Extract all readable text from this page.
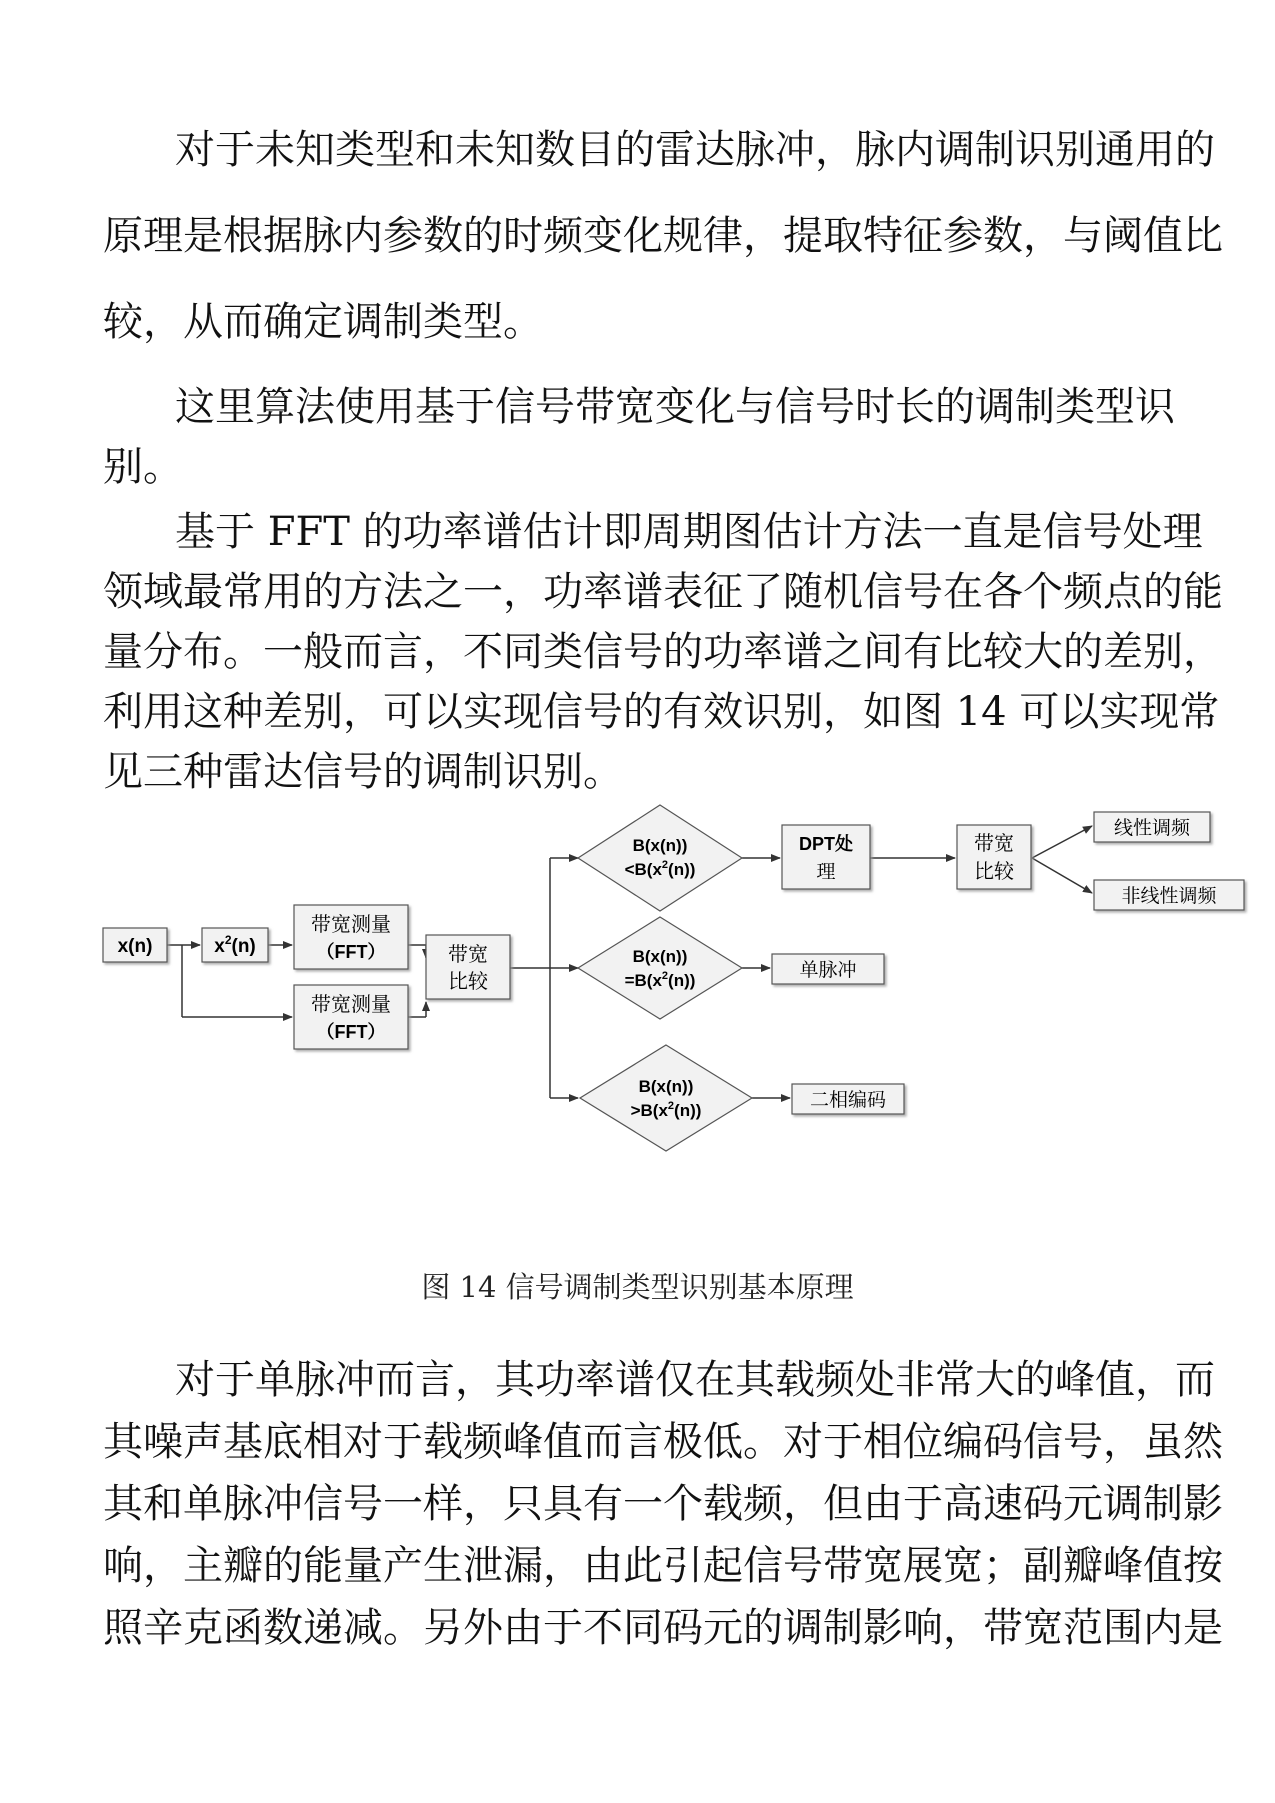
对于未知类型和未知数目的雷达脉冲，脉内调制识别通用的
原理是根据脉内参数的时频变化规律，提取特征参数，与阈值比
较，从而确定调制类型。
这里算法使用基于信号带宽变化与信号时长的调制类型识
别。
基于 FFT 的功率谱估计即周期图估计方法一直是信号处理
领域最常用的方法之一，功率谱表征了随机信号在各个频点的能
量分布。一般而言，不同类信号的功率谱之间有比较大的差别，
利用这种差别，可以实现信号的有效识别，如图 14 可以实现常
见三种雷达信号的调制识别。
x(n)	$x^2(n)$
带宽测量
（FFT）
带宽测量
（FFT）
带宽
比较
B(x(n))
$<B(x^2(n))$
B(x(n))
$=B(x^2(n))$
B(x(n))
$>B(x^2(n))$
DPT处
理
带宽
比较
线性调频
非线性调频
单脉冲
二相编码
图 14 信号调制类型识别基本原理
对于单脉冲而言，其功率谱仅在其载频处非常大的峰值，而
其噪声基底相对于载频峰值而言极低。对于相位编码信号，虽然
其和单脉冲信号一样，只具有一个载频，但由于高速码元调制影
响，主瓣的能量产生泄漏，由此引起信号带宽展宽；副瓣峰值按
照辛克函数递减。另外由于不同码元的调制影响，带宽范围内是
